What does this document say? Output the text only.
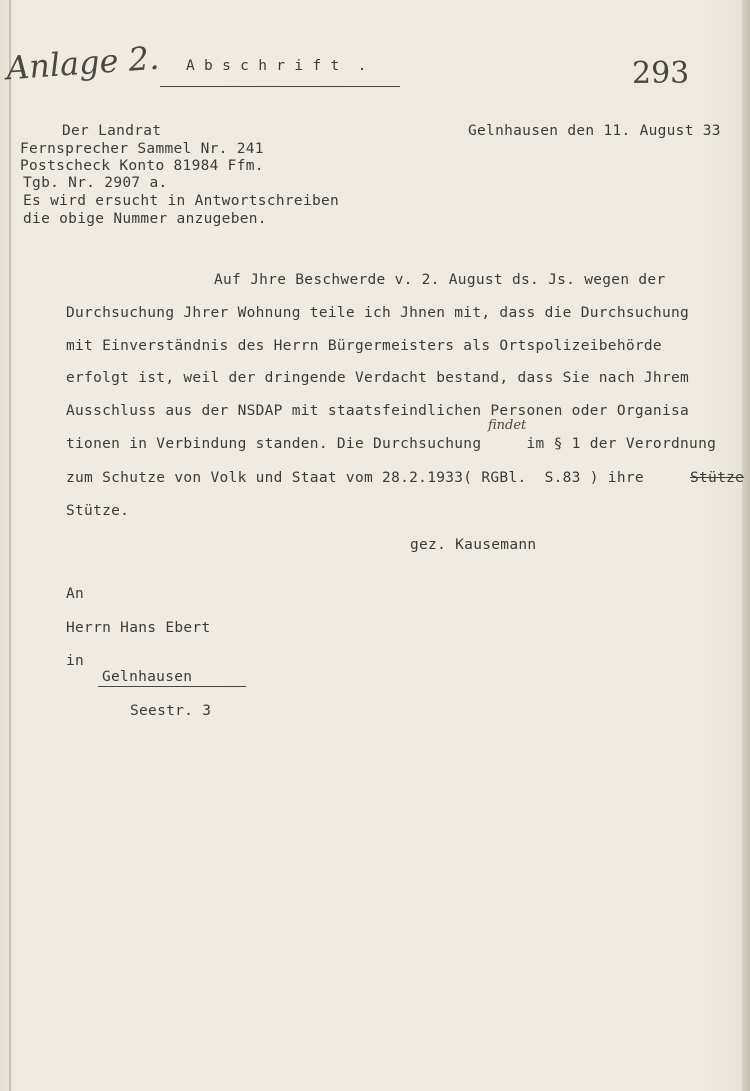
Anlage 2. A b s c h r i f t  .	293
Der Landrat
Fernsprecher Sammel Nr. 241
Postscheck Konto 81984 Ffm.
Tgb. Nr. 2907 a.
Es wird ersucht in Antwortschreiben
die obige Nummer anzugeben.
Gelnhausen den 11. August 33
Auf Jhre Beschwerde v. 2. August ds. Js. wegen der
Durchsuchung Jhrer Wohnung teile ich Jhnen mit, dass die Durchsuchung
mit Einverständnis des Herrn Bürgermeisters als Ortspolizeibehörde
erfolgt ist, weil der dringende Verdacht bestand, dass Sie nach Jhrem
Ausschluss aus der NSDAP mit staatsfeindlichen Personen oder Organisa
tionen in Verbindung standen. Die Durchsuchung     im § 1 der Verordnung
findet
zum Schutze von Volk und Staat vom 28.2.1933( RGBl.  S.83 ) ihre	Stütze
Stütze.
gez. Kausemann
An
Herrn Hans Ebert
in
Gelnhausen
Seestr. 3
